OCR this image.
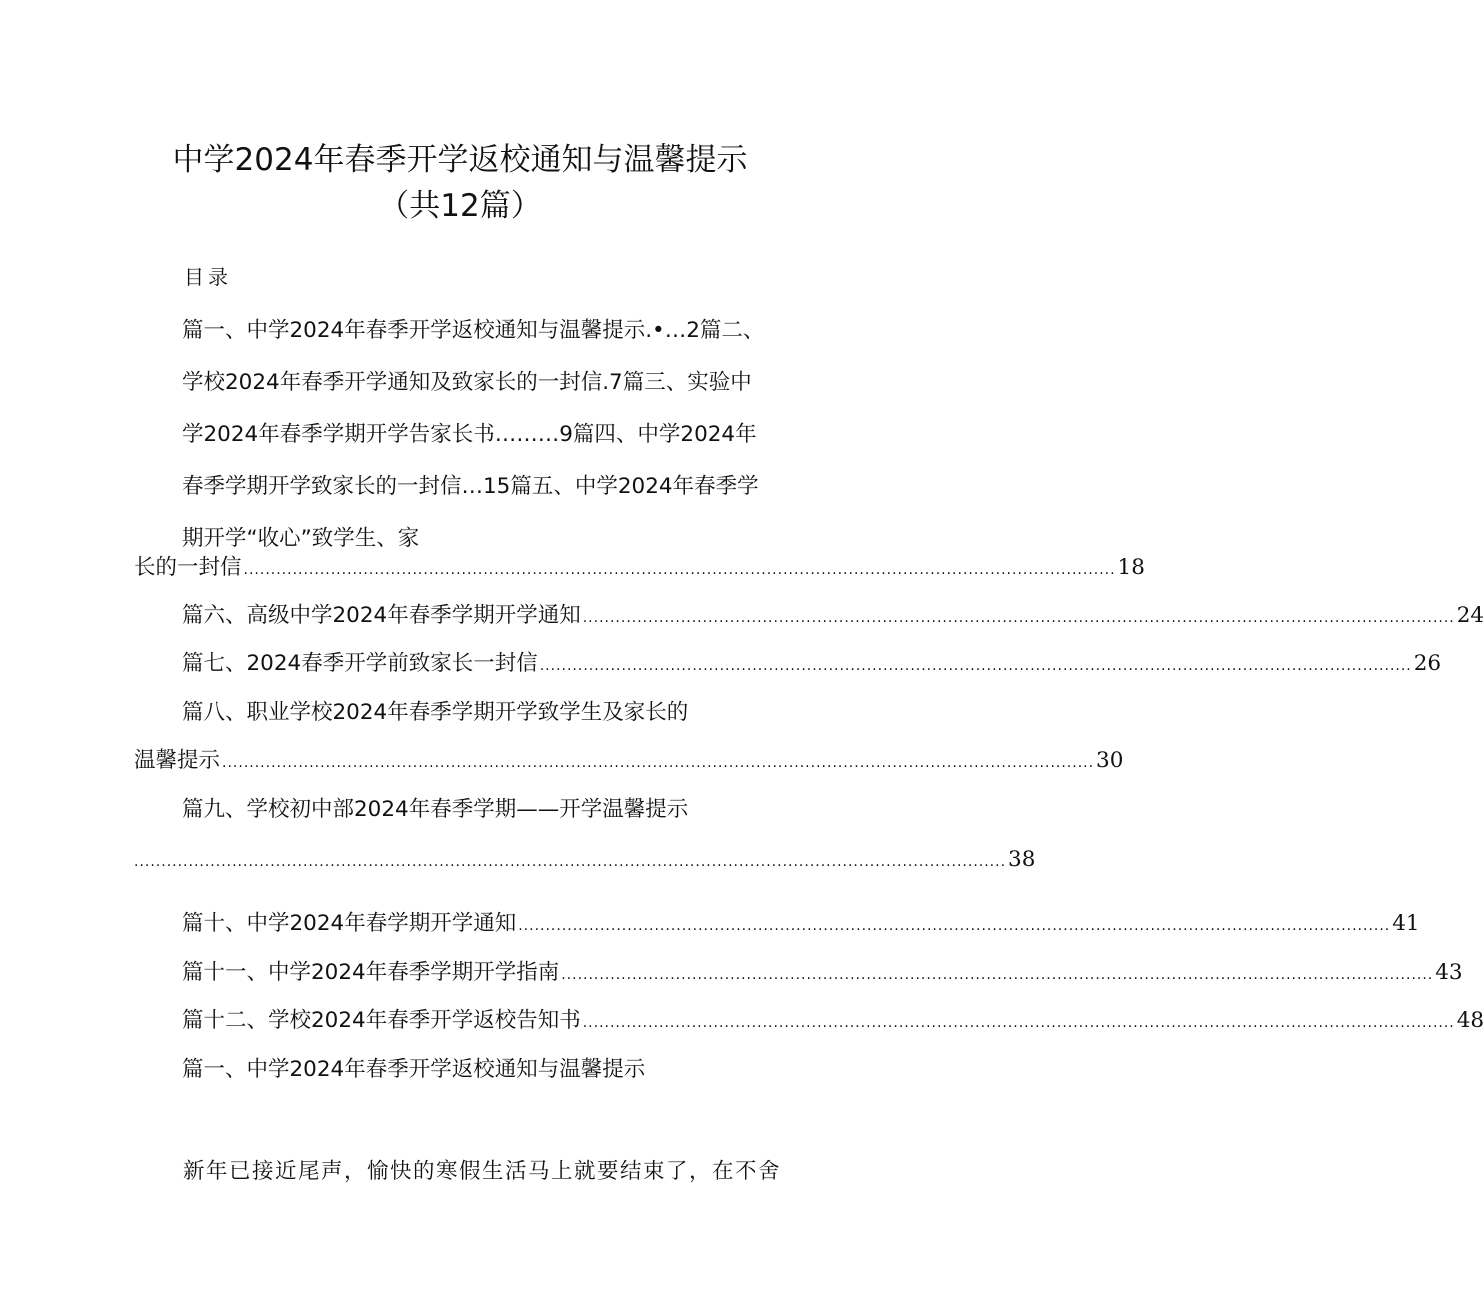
中学2024年春季开学返校通知与温馨提示
（共12篇）
目录
篇一、中学2024年春季开学返校通知与温馨提示.•…2篇二、
学校2024年春季开学通知及致家长的一封信.7篇三、实验中
学2024年春季学期开学告家长书………9篇四、中学2024年
春季学期开学致家长的一封信…15篇五、中学2024年春季学
期开学“收心”致学生、家
长的一封信 ................................................................................................................................................................ 18
篇六、高级中学2024年春季学期开学通知 ................................................................................................................................................................ 24
篇七、2024春季开学前致家长一封信 ................................................................................................................................................................ 26
篇八、职业学校2024年春季学期开学致学生及家长的
温馨提示 ................................................................................................................................................................ 30
篇九、学校初中部2024年春季学期——开学温馨提示
................................................................................................................................................................ 38
篇十、中学2024年春学期开学通知 ................................................................................................................................................................ 41
篇十一、中学2024年春季学期开学指南 ................................................................................................................................................................ 43
篇十二、学校2024年春季开学返校告知书 ................................................................................................................................................................ 48
篇一、中学2024年春季开学返校通知与温馨提示
新年已接近尾声，愉快的寒假生活马上就要结束了，在不舍
